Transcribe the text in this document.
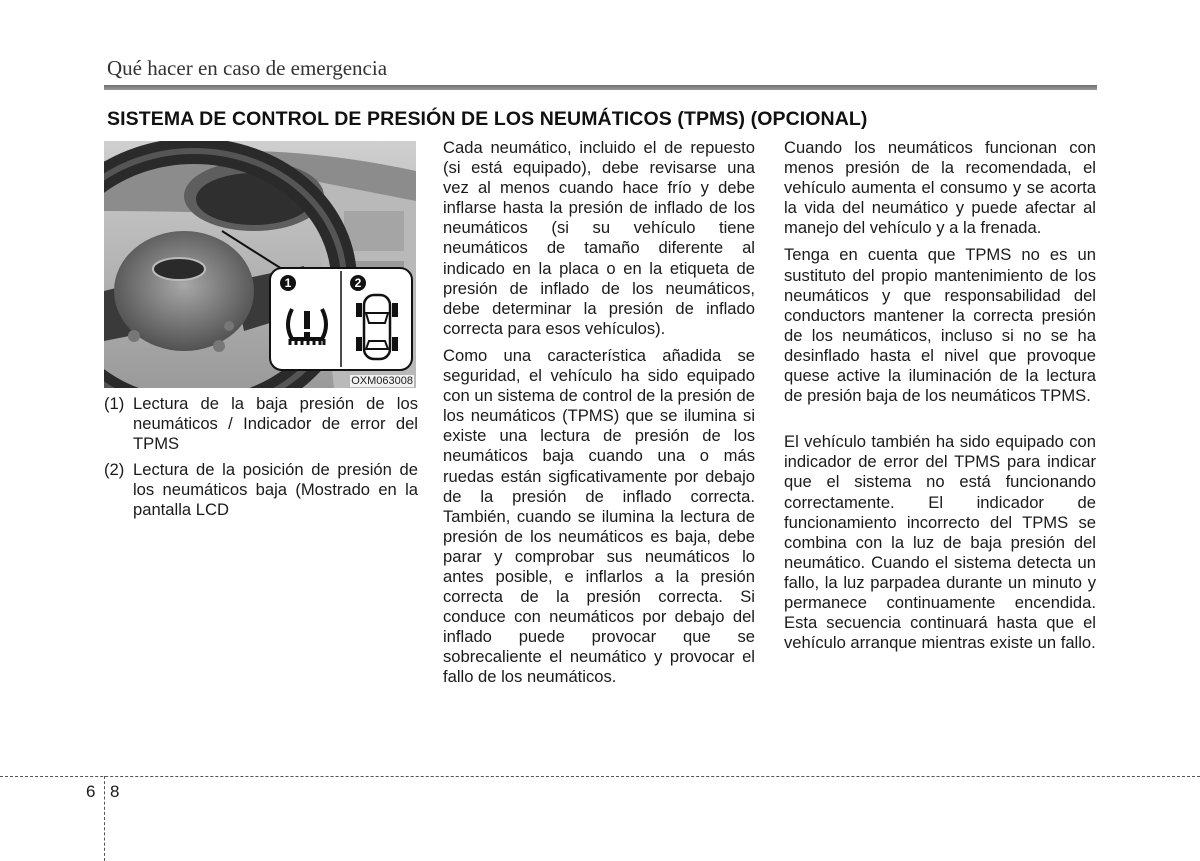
Qué hacer en caso de emergencia
SISTEMA DE CONTROL DE PRESIÓN DE LOS NEUMÁTICOS (TPMS) (OPCIONAL)
1	2
OXM063008
(1) Lectura de la baja presión de los neumáticos / Indicador de error del TPMS
(2) Lectura de la posición de presión de los neumáticos baja (Mostrado en la pantalla LCD

Cada neumático, incluido el de repuesto (si está equipado), debe revisarse una vez al menos cuando hace frío y debe inflarse hasta la presión de inflado de los neumáticos (si su vehículo tiene neumáticos de tamaño diferente al indicado en la placa o en la etiqueta de presión de inflado de los neumáticos, debe determinar la presión de inflado correcta para esos vehículos).

Como una característica añadida se seguridad, el vehículo ha sido equipado con un sistema de control de la presión de los neumáticos (TPMS) que se ilumina si existe una lectura de presión de los neumáticos baja cuando una o más ruedas están sigficativamente por debajo de la presión de inflado correcta. También, cuando se ilumina la lectura de presión de los neumáticos es baja, debe parar y comprobar sus neumáticos lo antes posible, e inflarlos a la presión correcta de la presión correcta. Si conduce con neumáticos por debajo del inflado puede provocar que se sobrecaliente el neumático y provocar el fallo de los neumáticos.

Cuando los neumáticos funcionan con menos presión de la recomendada, el vehículo aumenta el consumo y se acorta la vida del neumático y puede afectar al manejo del vehículo y a la frenada.

Tenga en cuenta que TPMS no es un sustituto del propio mantenimiento de los neumáticos y que responsabilidad del conductors mantener la correcta presión de los neumáticos, incluso si no se ha desinflado hasta el nivel que provoque quese active la iluminación de la lectura de presión baja de los neumáticos TPMS.

El vehículo también ha sido equipado con indicador de error del TPMS para indicar que el sistema no está funcionando correctamente. El indicador de funcionamiento incorrecto del TPMS se combina con la luz de baja presión del neumático. Cuando el sistema detecta un fallo, la luz parpadea durante un minuto y permanece continuamente encendida. Esta secuencia continuará hasta que el vehículo arranque mientras existe un fallo.

6 8
